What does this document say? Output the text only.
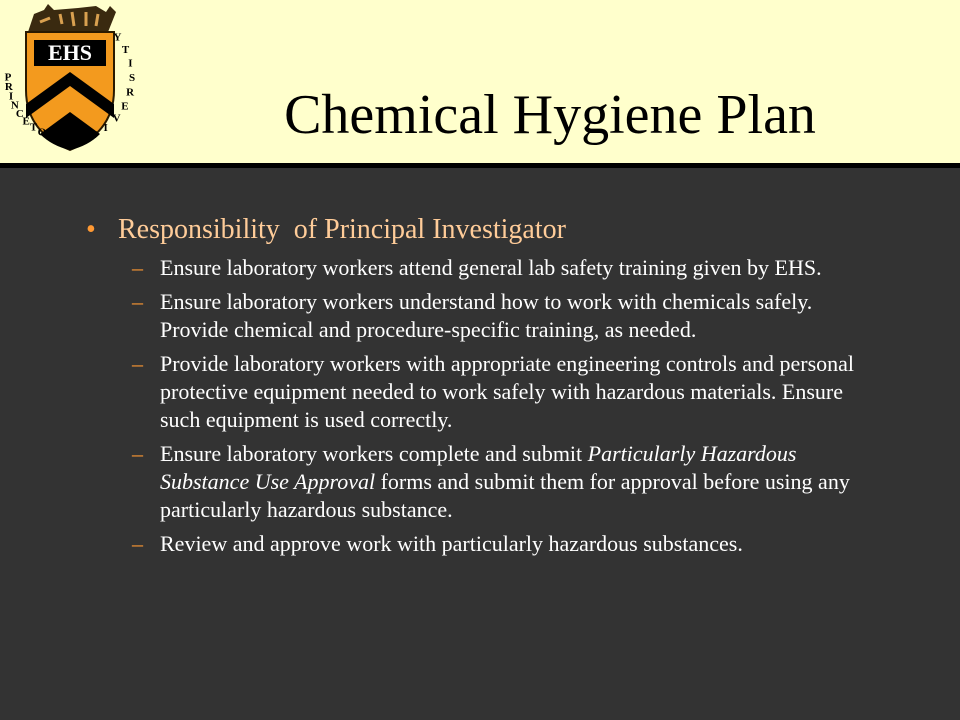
EHS
P
R
I
N
C
E
T O N U N
I
V
E
R
S
I
T
Y
Chemical Hygiene Plan
• Responsibility  of Principal Investigator
– Ensure laboratory workers attend general lab safety training given by EHS.
– Ensure laboratory workers understand how to work with chemicals safely. Provide chemical and procedure-specific training, as needed.
– Provide laboratory workers with appropriate engineering controls and personal protective equipment needed to work safely with hazardous materials. Ensure such equipment is used correctly.
– Ensure laboratory workers complete and submit Particularly Hazardous Substance Use Approval forms and submit them for approval before using any particularly hazardous substance.
– Review and approve work with particularly hazardous substances.
